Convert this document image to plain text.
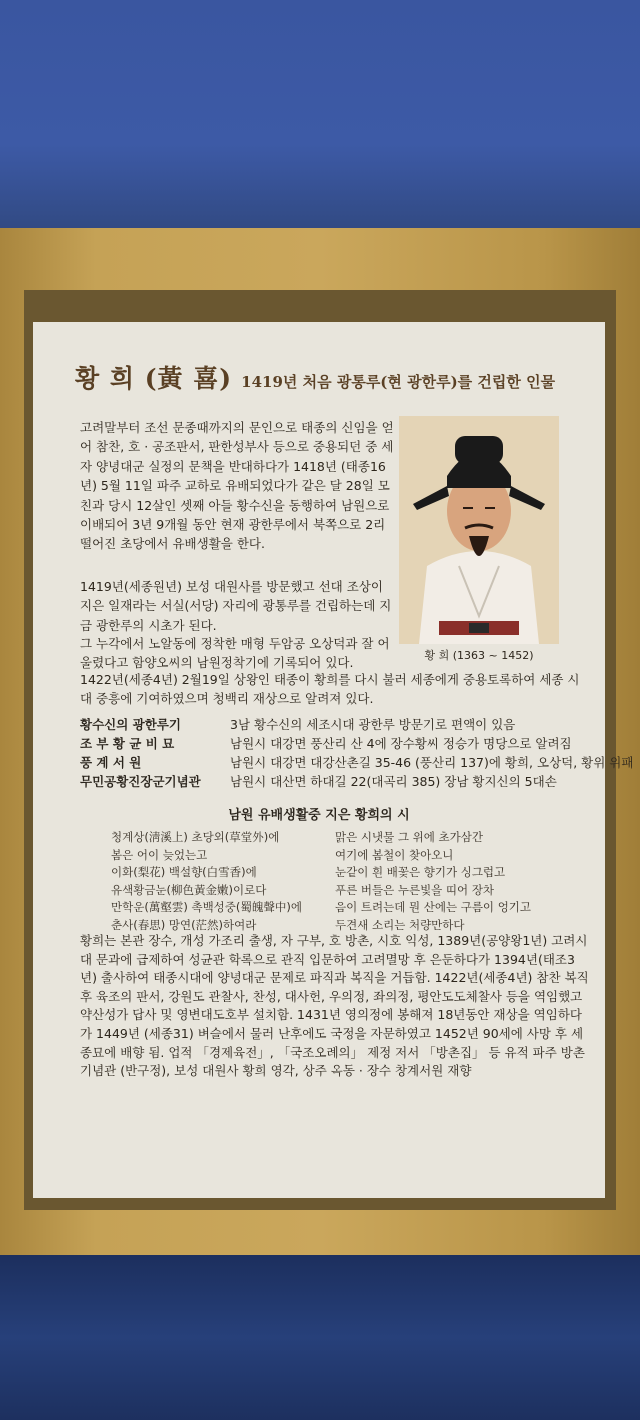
황 희 (黃 喜) 1419년 처음 광통루(현 광한루)를 건립한 인물
고려말부터 조선 문종때까지의 문인으로 태종의 신임을 얻어 참찬, 호 · 공조판서, 판한성부사 등으로 중용되던 중 세자 양녕대군 실정의 문책을 반대하다가 1418년 (태종16년) 5월 11일 파주 교하로 유배되었다가 같은 달 28일 모친과 당시 12살인 셋째 아들 황수신을 동행하여 남원으로 이배되어 3년 9개월 동안 현재 광한루에서 북쪽으로 2리 떨어진 초당에서 유배생활을 한다.
1419년(세종원년) 보성 대원사를 방문했고 선대 조상이 지은 일재라는 서실(서당) 자리에 광통루를 건립하는데 지금 광한루의 시초가 된다.
그 누각에서 노알동에 정착한 매형 두암공 오상덕과 잘 어울렸다고 함양오씨의 남원정착기에 기록되어 있다.
1422년(세종4년) 2월19일 상왕인 태종이 황희를 다시 불러 세종에게 중용토록하여 세종 시대 중흥에 기여하였으며 청백리 재상으로 알려져 있다.
황 희 (1363 ~ 1452)
황수신의 광한루기	3남 황수신의 세조시대 광한루 방문기로 편액이 있음
조 부 황 균 비 묘	남원시 대강면 풍산리 산 4에 장수황씨 정승가 명당으로 알려짐
풍 계 서 원	남원시 대강면 대강산촌길 35-46 (풍산리 137)에 황희, 오상덕, 황위 위패
무민공황진장군기념관 남원시 대산면 하대길 22(대곡리 385) 장남 황지신의 5대손
남원 유배생활중 지은 황희의 시
청계상(淸溪上) 초당외(草堂外)에
봄은 어이 늦었는고
이화(梨花) 백설향(白雪香)에
유색황금눈(柳色黃金嫩)이로다
만학운(萬壑雲) 촉백성중(蜀魄聲中)에
춘사(春思) 망연(茫然)하여라
맑은 시냇물 그 위에 초가삼간
여기에 봄철이 찾아오니
눈같이 흰 배꽃은 향기가 싱그럽고
푸른 버들은 누른빛을 띠어 장차
음이 트려는데 뭔 산에는 구름이 엉기고
두견새 소리는 처량만하다
황희는 본관 장수, 개성 가조리 출생, 자 구부, 호 방촌, 시호 익성, 1389년(공양왕1년) 고려시대 문과에 급제하여 성균관 학록으로 관직 입문하여 고려멸망 후 은둔하다가 1394년(태조3년) 출사하여 태종시대에 양녕대군 문제로 파직과 복직을 거듭함. 1422년(세종4년) 참찬 복직 후 육조의 판서, 강원도 관찰사, 찬성, 대사헌, 우의정, 좌의정, 평안도도체찰사 등을 역임했고 약산성가 답사 및 영변대도호부 설치함. 1431년 영의정에 봉해져 18년동안 재상을 역임하다가 1449년 (세종31) 벼슬에서 물러 난후에도 국정을 자문하였고 1452년 90세에 사망 후 세종묘에 배향 됨. 업적 「경제육전」, 「국조오례의」 제정 저서 「방촌집」 등 유적 파주 방촌기념관 (반구정), 보성 대원사 황희 영각, 상주 옥동 · 장수 창계서원 재향
